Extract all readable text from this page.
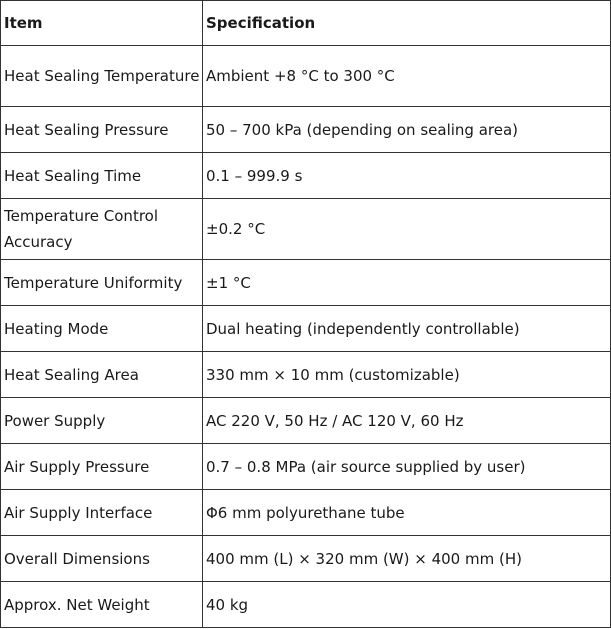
Item	Specification
Heat Sealing Temperature	Ambient +8 °C to 300 °C
Heat Sealing Pressure	50 – 700 kPa (depending on sealing area)
Heat Sealing Time	0.1 – 999.9 s
Temperature Control Accuracy	±0.2 °C
Temperature Uniformity	±1 °C
Heating Mode	Dual heating (independently controllable)
Heat Sealing Area	330 mm × 10 mm (customizable)
Power Supply	AC 220 V, 50 Hz / AC 120 V, 60 Hz
Air Supply Pressure	0.7 – 0.8 MPa (air source supplied by user)
Air Supply Interface	Φ6 mm polyurethane tube
Overall Dimensions	400 mm (L) × 320 mm (W) × 400 mm (H)
Approx. Net Weight	40 kg
